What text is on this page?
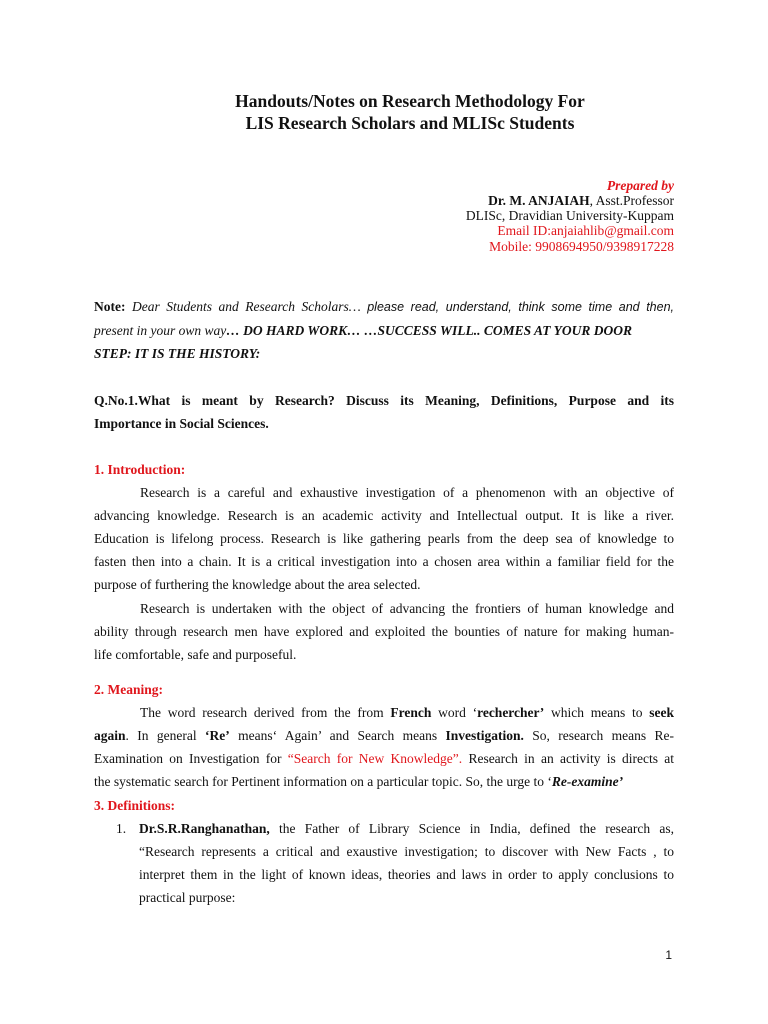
Handouts/Notes on Research Methodology For
LIS Research Scholars and MLISc Students
Prepared by
Dr. M. ANJAIAH, Asst.Professor
DLISc, Dravidian University-Kuppam
Email ID:anjaiahlib@gmail.com
Mobile: 9908694950/9398917228
Note: Dear Students and Research Scholars… please read, understand, think some time and then,
present in your own way… DO HARD WORK… …SUCCESS WILL.. COMES AT YOUR DOOR
STEP: IT IS THE HISTORY:
Q.No.1.What is meant by Research? Discuss its Meaning, Definitions, Purpose and its
Importance in Social Sciences.
1. Introduction:
Research is a careful and exhaustive investigation of a phenomenon with an objective of
advancing knowledge. Research is an academic activity and Intellectual output. It is like a river.
Education is lifelong process. Research is like gathering pearls from the deep sea of knowledge to
fasten then into a chain. It is a critical investigation into a chosen area within a familiar field for the
purpose of furthering the knowledge about the area selected.
Research is undertaken with the object of advancing the frontiers of human knowledge and
ability through research men have explored and exploited the bounties of nature for making human-
life comfortable, safe and purposeful.
2. Meaning:
The word research derived from the from French word ‘rechercher’ which means to seek
again. In general ‘Re’ means‘ Again’ and Search means Investigation. So, research means Re-
Examination on Investigation for “Search for New Knowledge”. Research in an activity is directs at
the systematic search for Pertinent information on a particular topic. So, the urge to ‘Re-examine’
3. Definitions:
1. Dr.S.R.Ranghanathan, the Father of Library Science in India, defined the research as,
“Research represents a critical and exaustive investigation; to discover with New Facts , to
interpret them in the light of known ideas, theories and laws in order to apply conclusions to
practical purpose:
1
